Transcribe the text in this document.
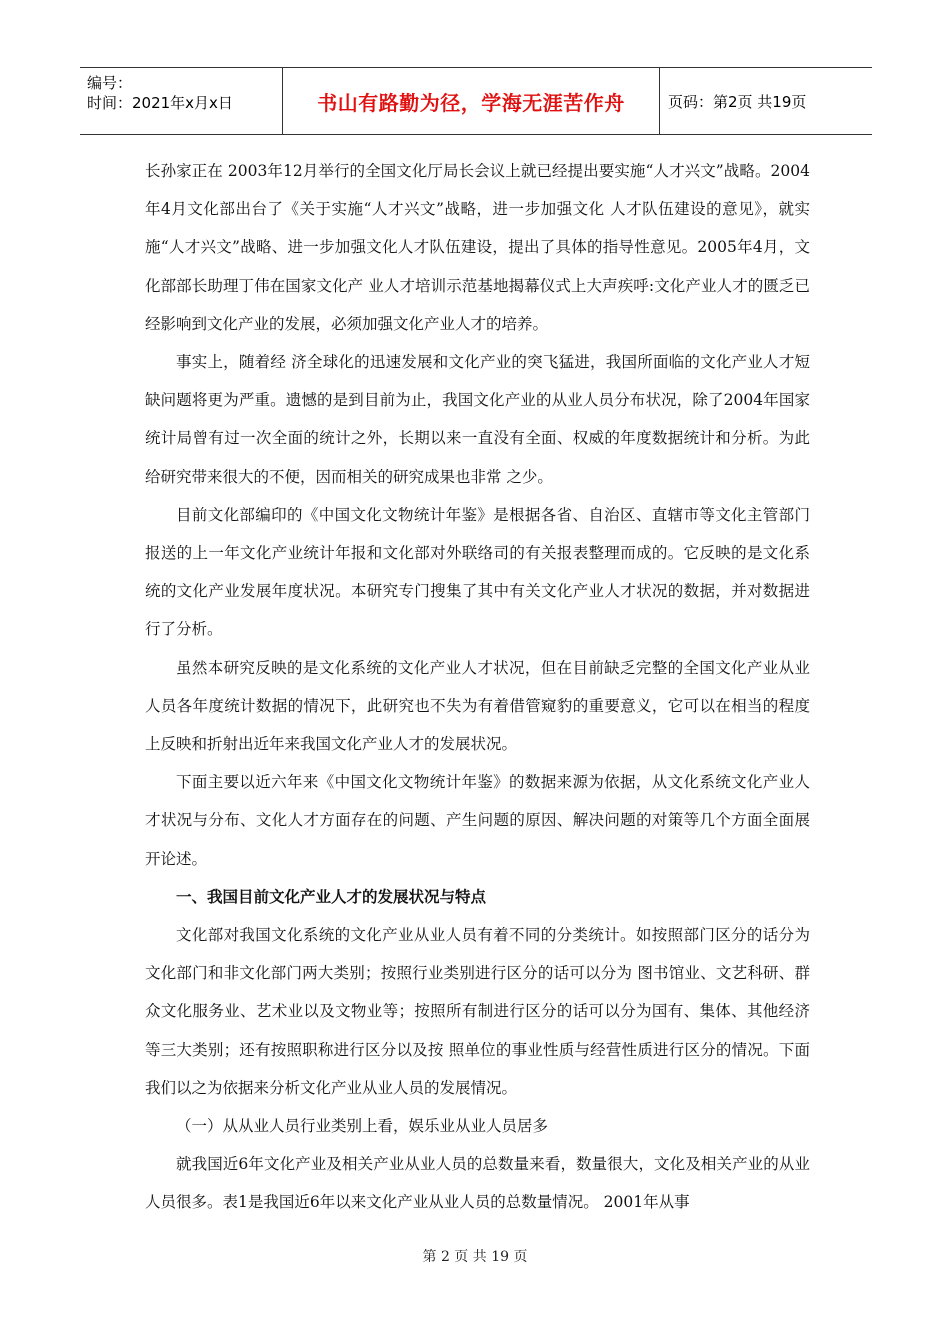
编号：
时间：2021年x月x日	书山有路勤为径，学海无涯苦作舟	页码：第2页 共19页

长孙家正在 2003年12月举行的全国文化厅局长会议上就已经提出要实施“人才兴文”战略。2004年4月文化部出台了《关于实施“人才兴文”战略，进一步加强文化 人才队伍建设的意见》，就实施“人才兴文”战略、进一步加强文化人才队伍建设，提出了具体的指导性意见。2005年4月，文化部部长助理丁伟在国家文化产 业人才培训示范基地揭幕仪式上大声疾呼:文化产业人才的匮乏已经影响到文化产业的发展，必须加强文化产业人才的培养。

事实上，随着经 济全球化的迅速发展和文化产业的突飞猛进，我国所面临的文化产业人才短缺问题将更为严重。遗憾的是到目前为止，我国文化产业的从业人员分布状况，除了2004年国家统计局曾有过一次全面的统计之外，长期以来一直没有全面、权威的年度数据统计和分析。为此给研究带来很大的不便，因而相关的研究成果也非常 之少。

目前文化部编印的《中国文化文物统计年鉴》是根据各省、自治区、直辖市等文化主管部门报送的上一年文化产业统计年报和文化部对外联络司的有关报表整理而成的。它反映的是文化系统的文化产业发展年度状况。本研究专门搜集了其中有关文化产业人才状况的数据，并对数据进行了分析。

虽然本研究反映的是文化系统的文化产业人才状况，但在目前缺乏完整的全国文化产业从业人员各年度统计数据的情况下，此研究也不失为有着借管窥豹的重要意义，它可以在相当的程度上反映和折射出近年来我国文化产业人才的发展状况。

下面主要以近六年来《中国文化文物统计年鉴》的数据来源为依据，从文化系统文化产业人才状况与分布、文化人才方面存在的问题、产生问题的原因、解决问题的对策等几个方面全面展开论述。

一、我国目前文化产业人才的发展状况与特点

文化部对我国文化系统的文化产业从业人员有着不同的分类统计。如按照部门区分的话分为文化部门和非文化部门两大类别；按照行业类别进行区分的话可以分为 图书馆业、文艺科研、群众文化服务业、艺术业以及文物业等；按照所有制进行区分的话可以分为国有、集体、其他经济等三大类别；还有按照职称进行区分以及按 照单位的事业性质与经营性质进行区分的情况。下面我们以之为依据来分析文化产业从业人员的发展情况。

（一）从从业人员行业类别上看，娱乐业从业人员居多

就我国近6年文化产业及相关产业从业人员的总数量来看，数量很大，文化及相关产业的从业人员很多。表1是我国近6年以来文化产业从业人员的总数量情况。 2001年从事

第 2 页 共 19 页
